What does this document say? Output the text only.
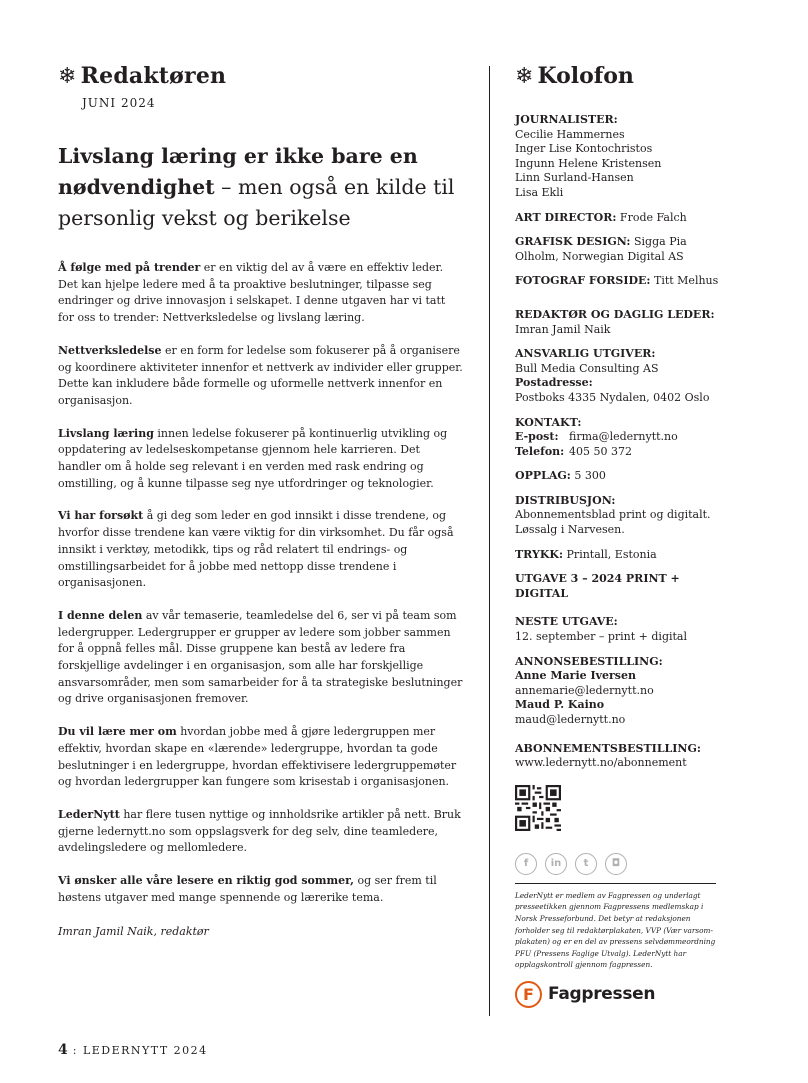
❄ Redaktøren
JUNI 2024
Livslang læring er ikke bare en nødvendighet – men også en kilde til personlig vekst og berikelse
Å følge med på trender er en viktig del av å være en effektiv leder. Det kan hjelpe ledere med å ta proaktive beslutninger, tilpasse seg endringer og drive innovasjon i selskapet. I denne utgaven har vi tatt for oss to trender: Nettverksledelse og livslang læring.
Nettverksledelse er en form for ledelse som fokuserer på å organisere og koordinere aktiviteter innenfor et nettverk av individer eller grupper. Dette kan inkludere både formelle og uformelle nettverk innenfor en organisasjon.
Livslang læring innen ledelse fokuserer på kontinuerlig utvikling og oppdatering av ledelseskompetanse gjennom hele karrieren. Det handler om å holde seg relevant i en verden med rask endring og omstilling, og å kunne tilpasse seg nye utfordringer og teknologier.
Vi har forsøkt å gi deg som leder en god innsikt i disse trendene, og hvorfor disse trendene kan være viktig for din virksomhet. Du får også innsikt i verktøy, metodikk, tips og råd relatert til endrings- og omstillingsarbeidet for å jobbe med nettopp disse trendene i organisasjonen.
I denne delen av vår temaserie, teamledelse del 6, ser vi på team som ledergrupper. Ledergrupper er grupper av ledere som jobber sammen for å oppnå felles mål. Disse gruppene kan bestå av ledere fra forskjellige avdelinger i en organisasjon, som alle har forskjellige ansvarsområder, men som samarbeider for å ta strategiske beslutninger og drive organisasjonen fremover.
Du vil lære mer om hvordan jobbe med å gjøre ledergruppen mer effektiv, hvordan skape en «lærende» ledergruppe, hvordan ta gode beslutninger i en ledergruppe, hvordan effektivisere ledergruppemøter og hvordan ledergrupper kan fungere som krisestab i organisasjonen.
LederNytt har flere tusen nyttige og innholdsrike artikler på nett. Bruk gjerne ledernytt.no som oppslagsverk for deg selv, dine teamledere, avdelingsledere og mellomledere.
Vi ønsker alle våre lesere en riktig god sommer, og ser frem til høstens utgaver med mange spennende og lærerike tema.
Imran Jamil Naik, redaktør
❄ Kolofon
JOURNALISTER:
Cecilie Hammernes
Inger Lise Kontochristos
Ingunn Helene Kristensen
Linn Surland-Hansen
Lisa Ekli
ART DIRECTOR: Frode Falch
GRAFISK DESIGN: Sigga Pia Olholm, Norwegian Digital AS
FOTOGRAF FORSIDE: Titt Melhus
REDAKTØR OG DAGLIG LEDER:
Imran Jamil Naik
ANSVARLIG UTGIVER:
Bull Media Consulting AS
Postadresse:
Postboks 4335 Nydalen, 0402 Oslo
KONTAKT:
E-post: firma@ledernytt.no
Telefon: 405 50 372
OPPLAG: 5 300
DISTRIBUSJON:
Abonnementsblad print og digitalt. Løssalg i Narvesen.
TRYKK: Printall, Estonia
UTGAVE 3 – 2024 PRINT + DIGITAL
NESTE UTGAVE:
12. september – print + digital
ANNONSEBESTILLING:
Anne Marie Iversen
annemarie@ledernytt.no
Maud P. Kaino
maud@ledernytt.no
ABONNEMENTSBESTILLING:
www.ledernytt.no/abonnement
f	in	t	◘
LederNytt er medlem av Fagpressen og underlagt presseetikken gjennom Fagpressens medlemskap i Norsk Presseforbund. Det betyr at redaksjonen forholder seg til redaktørplakaten, VVP (Vær varsom-plakaten) og er en del av pressens selvdømmeordning PFU (Pressens Faglige Utvalg). LederNytt har opplagskontroll gjennom fagpressen.
F Fagpressen
4 : LEDERNYTT 2024
